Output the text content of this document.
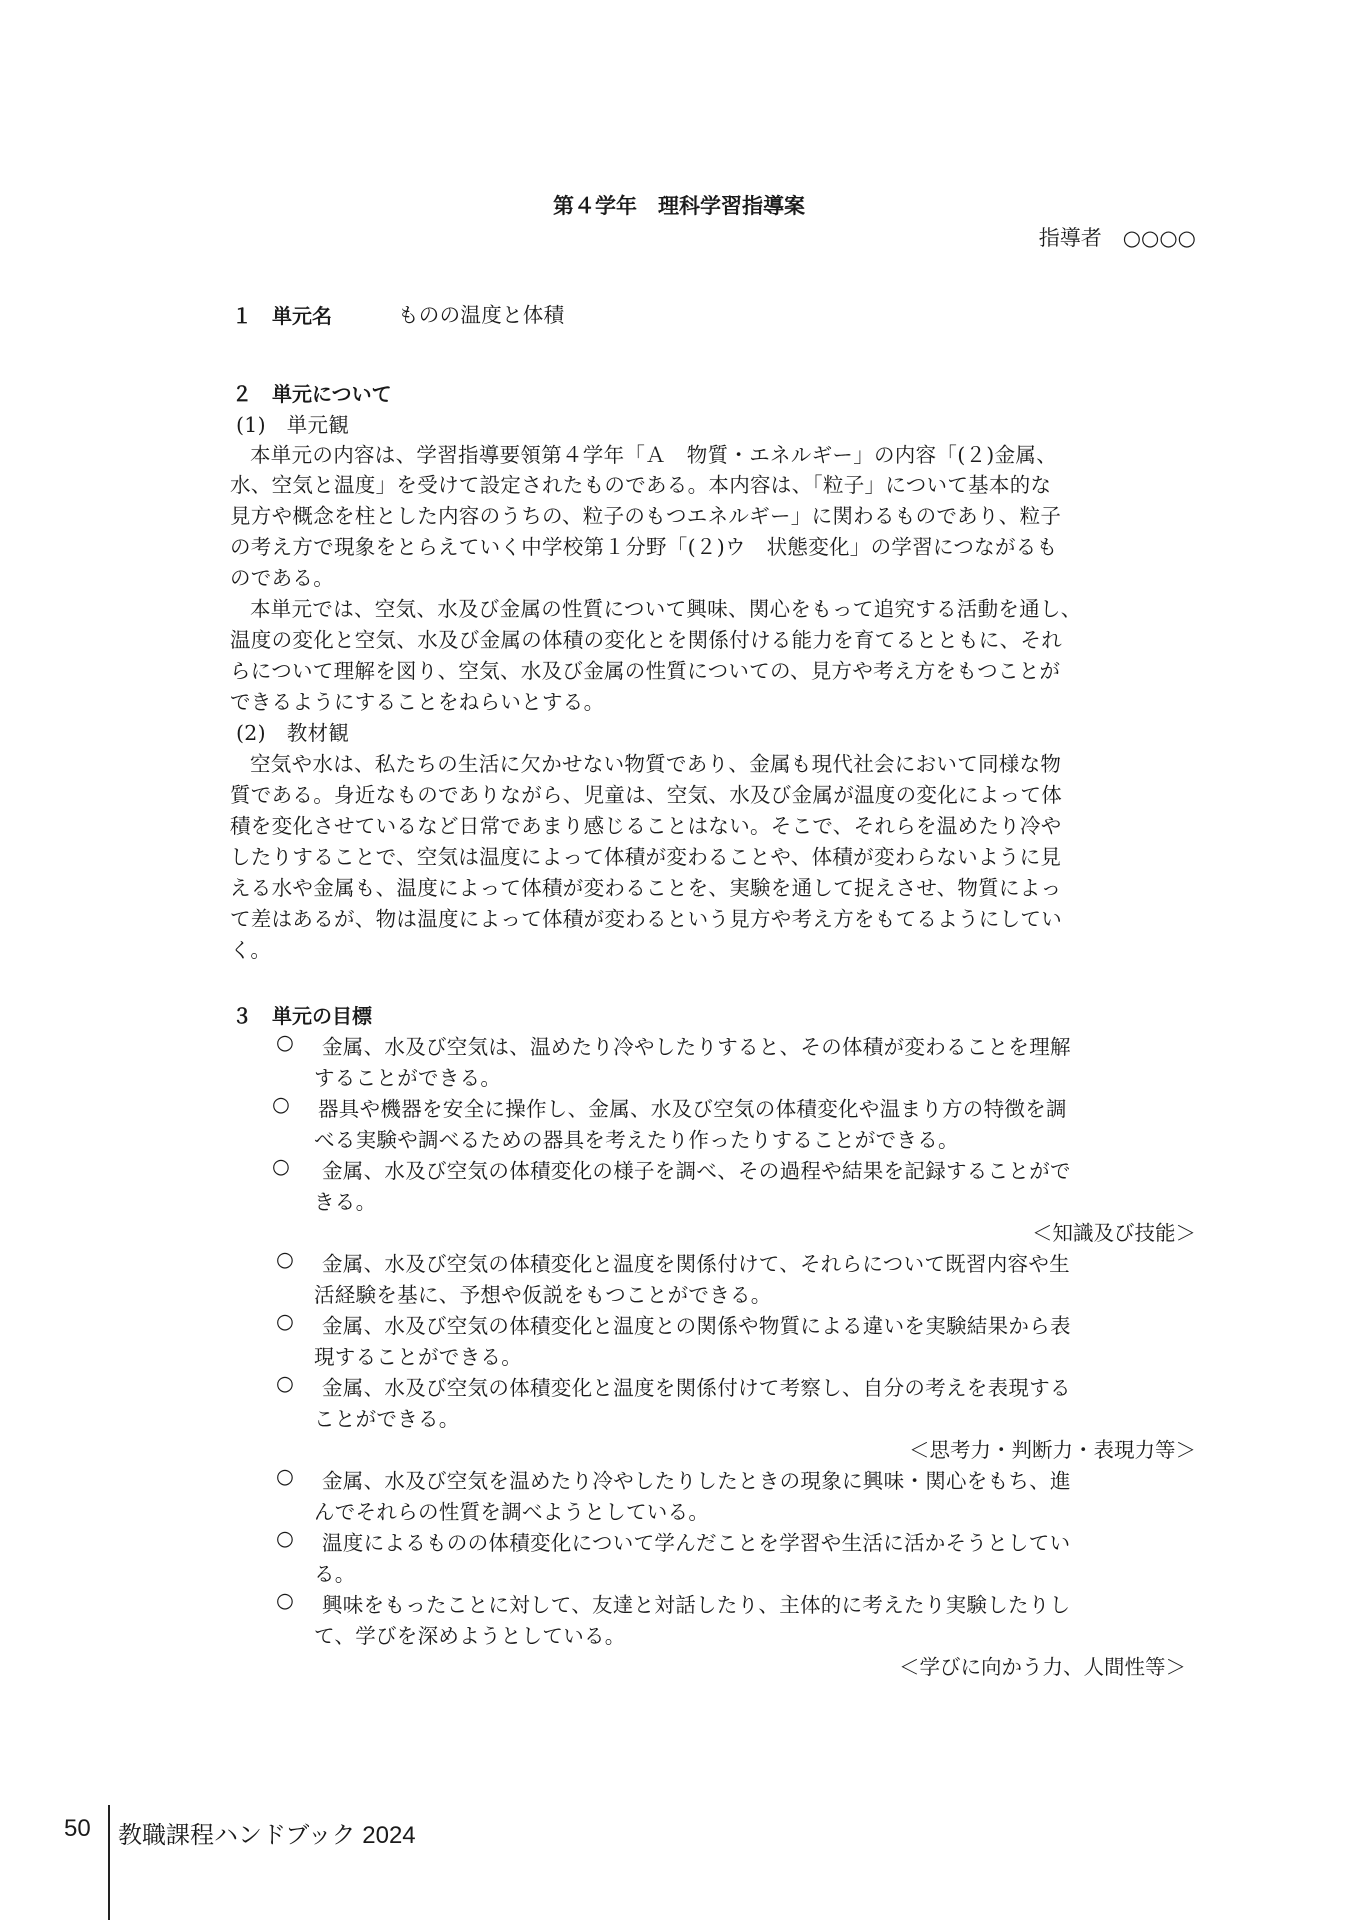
第４学年　理科学習指導案
指導者　○○○○
１　単元名	ものの温度と体積
２　単元について
(1)　単元観
本単元の内容は、学習指導要領第４学年「Ａ　物質・エネルギー」の内容「(２)金属、
水、空気と温度」を受けて設定されたものである。本内容は、「粒子」について基本的な
見方や概念を柱とした内容のうちの、粒子のもつエネルギー」に関わるものであり、粒子
の考え方で現象をとらえていく中学校第１分野「(２)ウ　状態変化」の学習につながるも
のである。
本単元では、空気、水及び金属の性質について興味、関心をもって追究する活動を通し、
温度の変化と空気、水及び金属の体積の変化とを関係付ける能力を育てるとともに、それ
らについて理解を図り、空気、水及び金属の性質についての、見方や考え方をもつことが
できるようにすることをねらいとする。
(2)　教材観
空気や水は、私たちの生活に欠かせない物質であり、金属も現代社会において同様な物
質である。身近なものでありながら、児童は、空気、水及び金属が温度の変化によって体
積を変化させているなど日常であまり感じることはない。そこで、それらを温めたり冷や
したりすることで、空気は温度によって体積が変わることや、体積が変わらないように見
える水や金属も、温度によって体積が変わることを、実験を通して捉えさせ、物質によっ
て差はあるが、物は温度によって体積が変わるという見方や考え方をもてるようにしてい
く。
３　単元の目標
○ 金属、水及び空気は、温めたり冷やしたりすると、その体積が変わることを理解
することができる。
○ 器具や機器を安全に操作し、金属、水及び空気の体積変化や温まり方の特徴を調
べる実験や調べるための器具を考えたり作ったりすることができる。
○ 金属、水及び空気の体積変化の様子を調べ、その過程や結果を記録することがで
きる。
＜知識及び技能＞
○ 金属、水及び空気の体積変化と温度を関係付けて、それらについて既習内容や生
活経験を基に、予想や仮説をもつことができる。
○ 金属、水及び空気の体積変化と温度との関係や物質による違いを実験結果から表
現することができる。
○ 金属、水及び空気の体積変化と温度を関係付けて考察し、自分の考えを表現する
ことができる。
＜思考力・判断力・表現力等＞
○ 金属、水及び空気を温めたり冷やしたりしたときの現象に興味・関心をもち、進
んでそれらの性質を調べようとしている。
○ 温度によるものの体積変化について学んだことを学習や生活に活かそうとしてい
る。
○ 興味をもったことに対して、友達と対話したり、主体的に考えたり実験したりし
て、学びを深めようとしている。
＜学びに向かう力、人間性等＞
50 教職課程ハンドブック 2024
